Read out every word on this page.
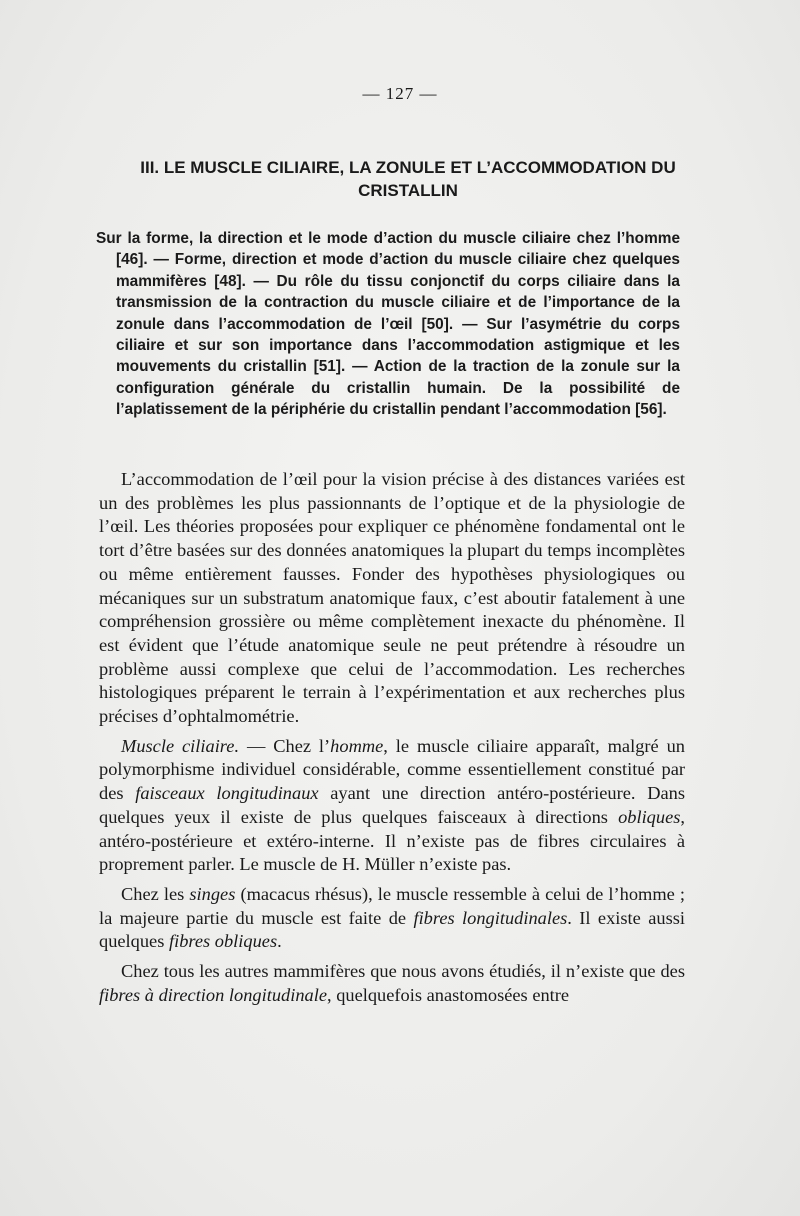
— 127 —
III. LE MUSCLE CILIAIRE, LA ZONULE ET L’ACCOMMODATION DU CRISTALLIN

Sur la forme, la direction et le mode d’action du muscle ciliaire chez l’homme [46]. — Forme, direction et mode d’action du muscle ciliaire chez quelques mammifères [48]. — Du rôle du tissu conjonctif du corps ciliaire dans la transmission de la contraction du muscle ciliaire et de l’importance de la zonule dans l’accommodation de l’œil [50]. — Sur l’asymétrie du corps ciliaire et sur son importance dans l’accommodation astigmique et les mouvements du cristallin [51]. — Action de la traction de la zonule sur la configuration générale du cristallin humain. De la possibilité de l’aplatissement de la périphérie du cristallin pendant l’accommodation [56].

L’accommodation de l’œil pour la vision précise à des distances variées est un des problèmes les plus passionnants de l’optique et de la physiologie de l’œil. Les théories proposées pour expliquer ce phénomène fondamental ont le tort d’être basées sur des données anatomiques la plupart du temps incomplètes ou même entièrement fausses. Fonder des hypothèses physiologiques ou mécaniques sur un substratum anatomique faux, c’est aboutir fatalement à une compréhension grossière ou même complètement inexacte du phénomène. Il est évident que l’étude anatomique seule ne peut prétendre à résoudre un problème aussi complexe que celui de l’accommodation. Les recherches histologiques préparent le terrain à l’expérimentation et aux recherches plus précises d’ophtalmométrie.

Muscle ciliaire. — Chez l’homme, le muscle ciliaire apparaît, malgré un polymorphisme individuel considérable, comme essentiellement constitué par des faisceaux longitudinaux ayant une direction antéro-postérieure. Dans quelques yeux il existe de plus quelques faisceaux à directions obliques, antéro-postérieure et extéro-interne. Il n’existe pas de fibres circulaires à proprement parler. Le muscle de H. Müller n’existe pas.

Chez les singes (macacus rhésus), le muscle ressemble à celui de l’homme ; la majeure partie du muscle est faite de fibres longitudinales. Il existe aussi quelques fibres obliques.

Chez tous les autres mammifères que nous avons étudiés, il n’existe que des fibres à direction longitudinale, quelquefois anastomosées entre
